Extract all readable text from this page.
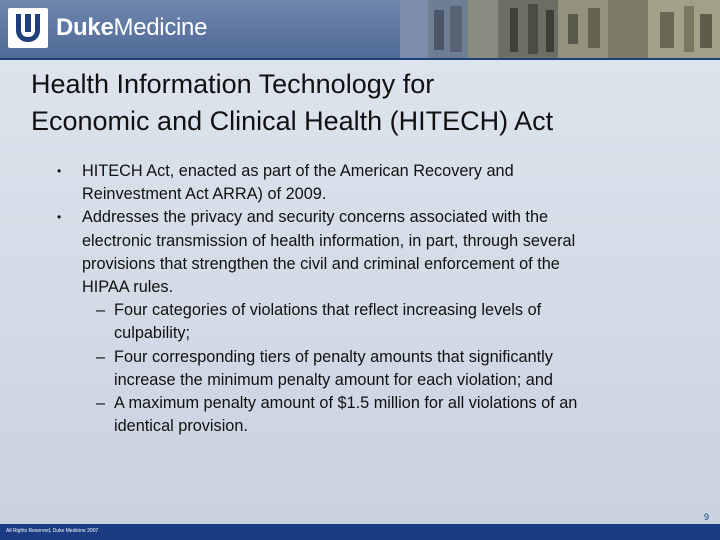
DukeMedicine
Health Information Technology for
Economic and Clinical Health (HITECH) Act
• HITECH Act, enacted as part of the American Recovery and
Reinvestment Act ARRA) of 2009.
• Addresses the privacy and security concerns associated with the
electronic transmission of health information, in part, through several
provisions that strengthen the civil and criminal enforcement of the
HIPAA rules.
– Four categories of violations that reflect increasing levels of
culpability;
– Four corresponding tiers of penalty amounts that significantly
increase the minimum penalty amount for each violation; and
– A maximum penalty amount of $1.5 million for all violations of an
identical provision.
9
All Rights Reserved, Duke Medicine 2007
